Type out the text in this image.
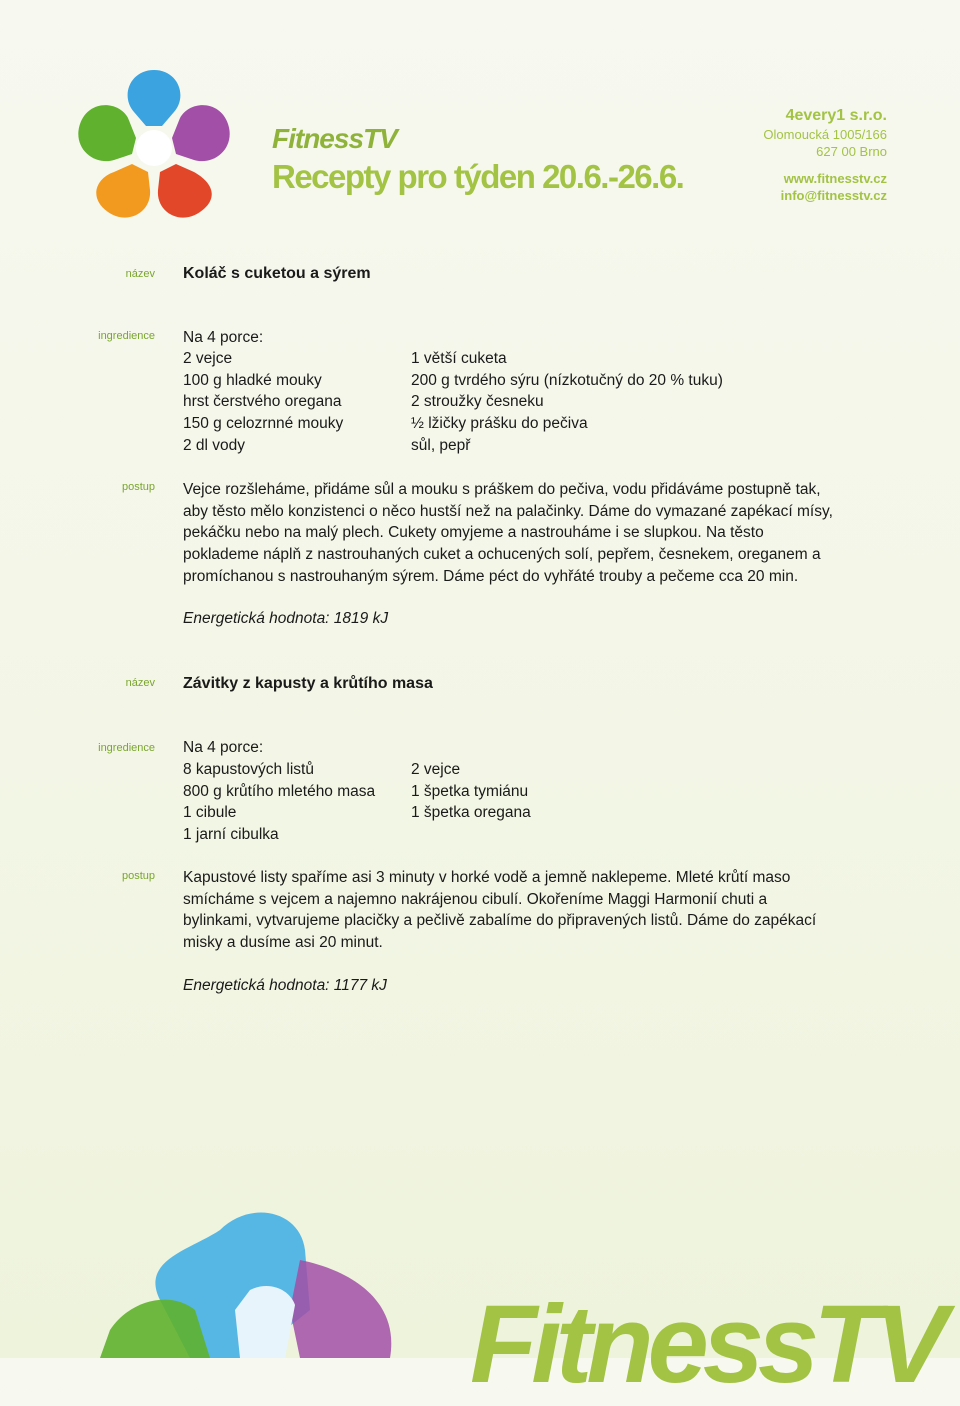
FitnessTV
Recepty pro týden 20.6.-26.6.
4every1 s.r.o.
Olomoucká 1005/166
627 00 Brno
www.fitnesstv.cz
info@fitnesstv.cz
název Koláč s cuketou a sýrem
ingredience Na 4 porce:
2 vejce
100 g hladké mouky
hrst čerstvého oregana
150 g celozrnné mouky
2 dl vody
1 větší cuketa
200 g tvrdého sýru (nízkotučný do 20 % tuku)
2 stroužky česneku
½ lžičky prášku do pečiva
sůl, pepř
postup Vejce rozšleháme, přidáme sůl a mouku s práškem do pečiva, vodu přidáváme postupně tak,
aby těsto mělo konzistenci o něco hustší než na palačinky. Dáme do vymazané zapékací mísy,
pekáčku nebo na malý plech. Cukety omyjeme a nastrouháme i se slupkou. Na těsto
poklademe náplň z nastrouhaných cuket a ochucených solí, pepřem, česnekem, oreganem a
promíchanou s nastrouhaným sýrem. Dáme péct do vyhřáté trouby a pečeme cca 20 min.
Energetická hodnota: 1819 kJ
název Závitky z kapusty a krůtího masa
ingredience Na 4 porce:
8 kapustových listů
800 g krůtího mletého masa
1 cibule
1 jarní cibulka
2 vejce
1 špetka tymiánu
1 špetka oregana
postup Kapustové listy spaříme asi 3 minuty v horké vodě a jemně naklepeme. Mleté krůtí maso
smícháme s vejcem a najemno nakrájenou cibulí. Okořeníme Maggi Harmonií chuti a
bylinkami, vytvarujeme placičky a pečlivě zabalíme do připravených listů. Dáme do zapékací
misky a dusíme asi 20 minut.
Energetická hodnota: 1177 kJ
FitnessTV
